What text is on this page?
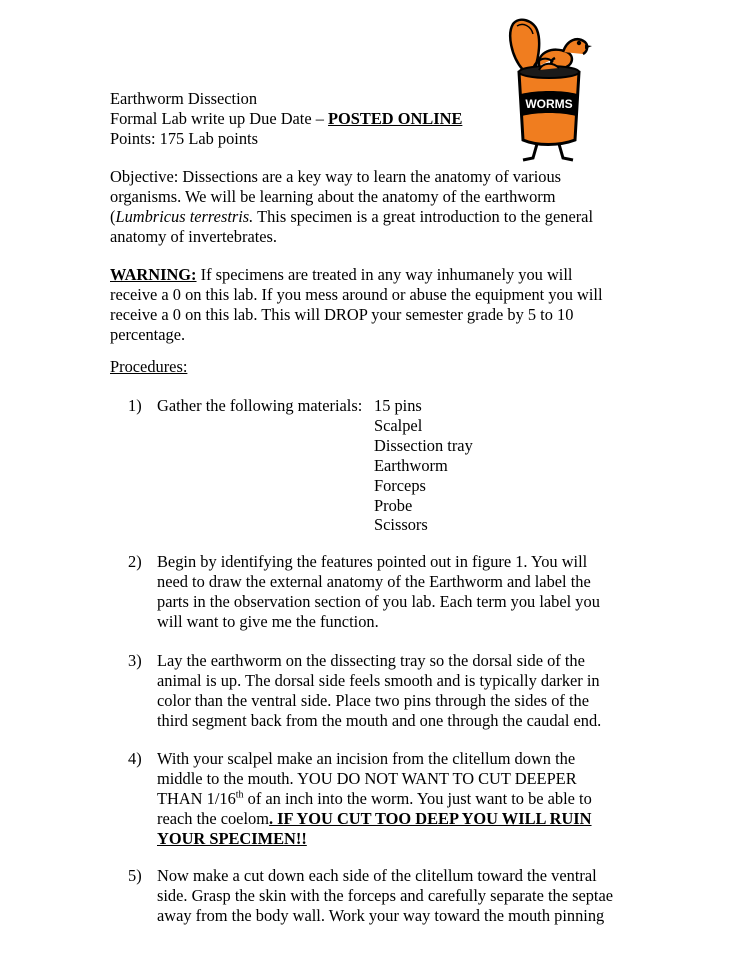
WORMS
Earthworm Dissection
Formal Lab write up Due Date – POSTED ONLINE
Points: 175 Lab points
Objective: Dissections are a key way to learn the anatomy of various
organisms. We will be learning about the anatomy of the earthworm
(Lumbricus terrestris. This specimen is a great introduction to the general
anatomy of invertebrates.
WARNING: If specimens are treated in any way inhumanely you will
receive a 0 on this lab. If you mess around or abuse the equipment you will
receive a 0 on this lab. This will DROP your semester grade by 5 to 10
percentage.
Procedures:
15 pins
Scalpel
Dissection tray
Earthworm
Forceps
Probe
Scissors
1) Gather the following materials:
2) Begin by identifying the features pointed out in figure 1. You will
need to draw the external anatomy of the Earthworm and label the
parts in the observation section of you lab. Each term you label you
will want to give me the function.
3) Lay the earthworm on the dissecting tray so the dorsal side of the
animal is up. The dorsal side feels smooth and is typically darker in
color than the ventral side. Place two pins through the sides of the
third segment back from the mouth and one through the caudal end.
4) With your scalpel make an incision from the clitellum down the
middle to the mouth. YOU DO NOT WANT TO CUT DEEPER
THAN 1/16th of an inch into the worm. You just want to be able to
reach the coelom. IF YOU CUT TOO DEEP YOU WILL RUIN
YOUR SPECIMEN!!
5) Now make a cut down each side of the clitellum toward the ventral
side. Grasp the skin with the forceps and carefully separate the septae
away from the body wall. Work your way toward the mouth pinning
